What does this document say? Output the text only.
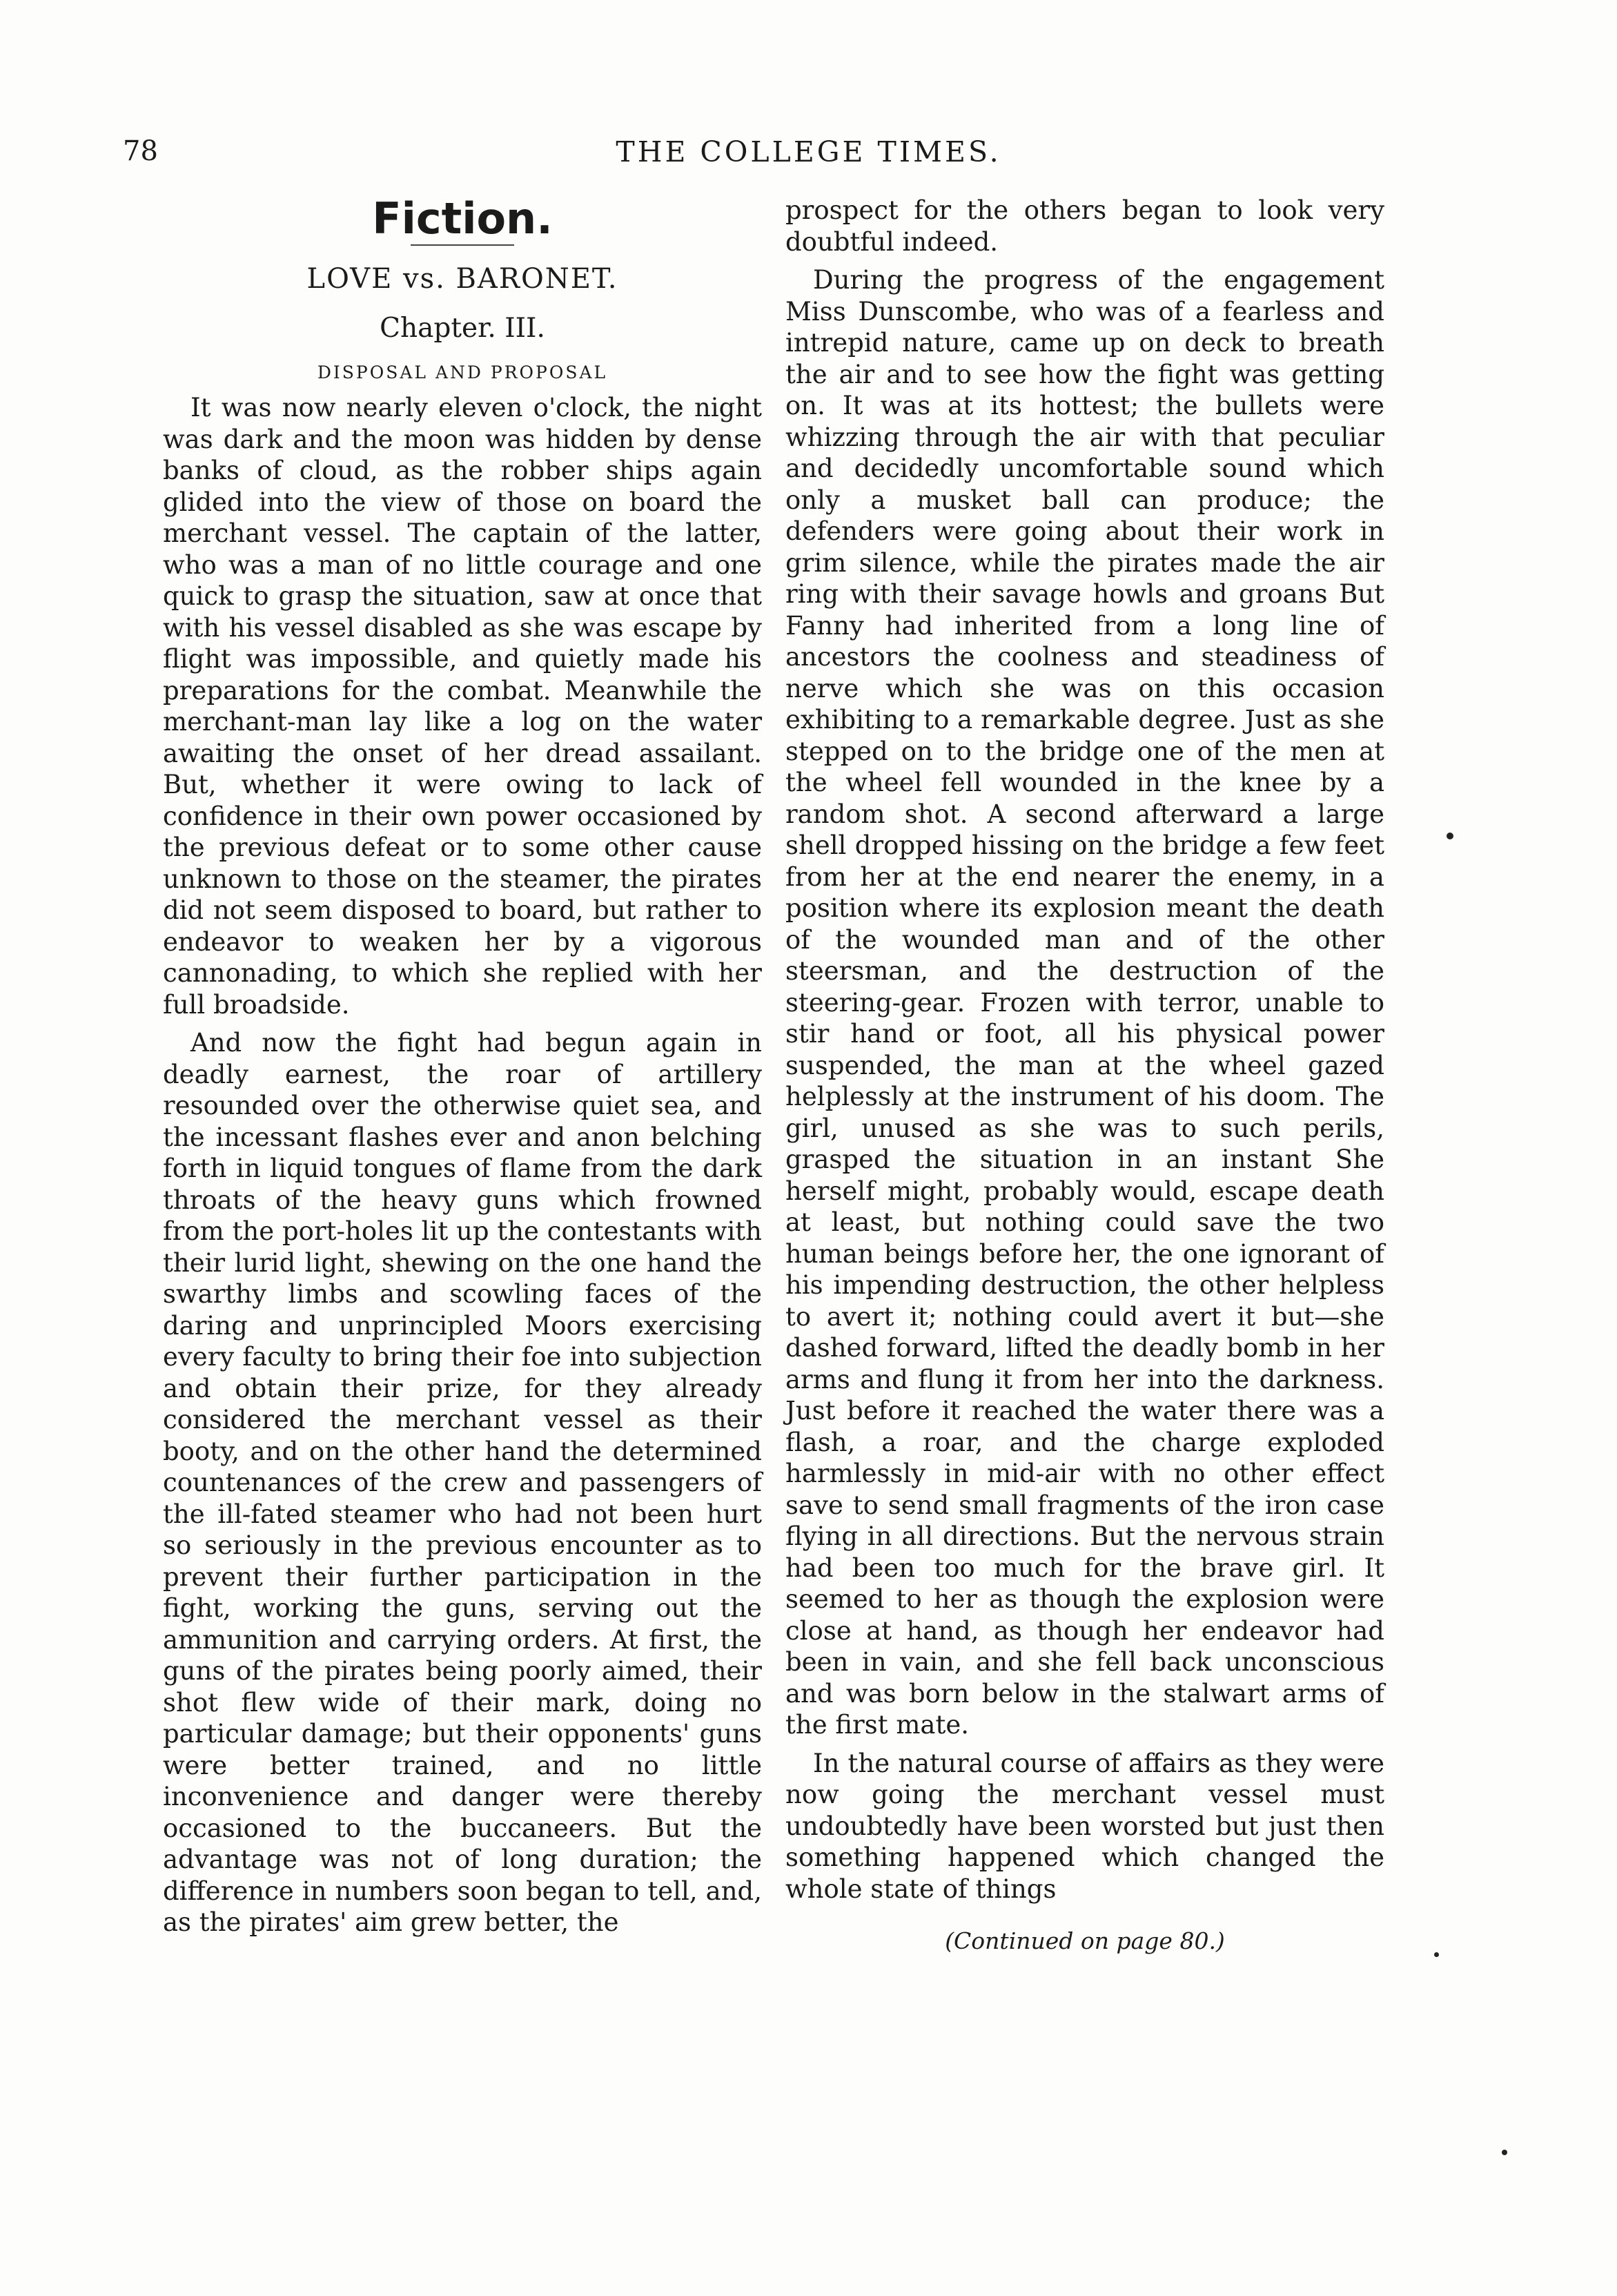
78	THE COLLEGE TIMES.
Fiction.
LOVE vs. BARONET.
Chapter. III.
DISPOSAL AND PROPOSAL

It was now nearly eleven o'clock, the night was dark and the moon was hidden by dense banks of cloud, as the robber ships again glided into the view of those on board the merchant vessel. The captain of the latter, who was a man of no little courage and one quick to grasp the situation, saw at once that with his vessel disabled as she was escape by flight was impossible, and quietly made his preparations for the combat. Meanwhile the merchant-man lay like a log on the water awaiting the onset of her dread assailant. But, whether it were owing to lack of confidence in their own power occasioned by the previous defeat or to some other cause unknown to those on the steamer, the pirates did not seem disposed to board, but rather to endeavor to weaken her by a vigorous cannonading, to which she replied with her full broadside.

And now the fight had begun again in deadly earnest, the roar of artillery resounded over the otherwise quiet sea, and the incessant flashes ever and anon belching forth in liquid tongues of flame from the dark throats of the heavy guns which frowned from the port-holes lit up the contestants with their lurid light, shewing on the one hand the swarthy limbs and scowling faces of the daring and unprincipled Moors exercising every faculty to bring their foe into subjection and obtain their prize, for they already considered the merchant vessel as their booty, and on the other hand the determined countenances of the crew and passengers of the ill-fated steamer who had not been hurt so seriously in the previous encounter as to prevent their further participation in the fight, working the guns, serving out the ammunition and carrying orders. At first, the guns of the pirates being poorly aimed, their shot flew wide of their mark, doing no particular damage; but their opponents' guns were better trained, and no little inconvenience and danger were thereby occasioned to the buccaneers. But the advantage was not of long duration; the difference in numbers soon began to tell, and, as the pirates' aim grew better, the

prospect for the others began to look very doubtful indeed.

During the progress of the engagement Miss Dunscombe, who was of a fearless and intrepid nature, came up on deck to breath the air and to see how the fight was getting on. It was at its hottest; the bullets were whizzing through the air with that peculiar and decidedly uncomfortable sound which only a musket ball can produce; the defenders were going about their work in grim silence, while the pirates made the air ring with their savage howls and groans But Fanny had inherited from a long line of ancestors the coolness and steadiness of nerve which she was on this occasion exhibiting to a remarkable degree. Just as she stepped on to the bridge one of the men at the wheel fell wounded in the knee by a random shot. A second afterward a large shell dropped hissing on the bridge a few feet from her at the end nearer the enemy, in a position where its explosion meant the death of the wounded man and of the other steersman, and the destruction of the steering-gear. Frozen with terror, unable to stir hand or foot, all his physical power suspended, the man at the wheel gazed helplessly at the instrument of his doom. The girl, unused as she was to such perils, grasped the situation in an instant She herself might, probably would, escape death at least, but nothing could save the two human beings before her, the one ignorant of his impending destruction, the other helpless to avert it; nothing could avert it but—she dashed forward, lifted the deadly bomb in her arms and flung it from her into the darkness. Just before it reached the water there was a flash, a roar, and the charge exploded harmlessly in mid-air with no other effect save to send small fragments of the iron case flying in all directions. But the nervous strain had been too much for the brave girl. It seemed to her as though the explosion were close at hand, as though her endeavor had been in vain, and she fell back unconscious and was born below in the stalwart arms of the first mate.

In the natural course of affairs as they were now going the merchant vessel must undoubtedly have been worsted but just then something happened which changed the whole state of things

(Continued on page 80.)
